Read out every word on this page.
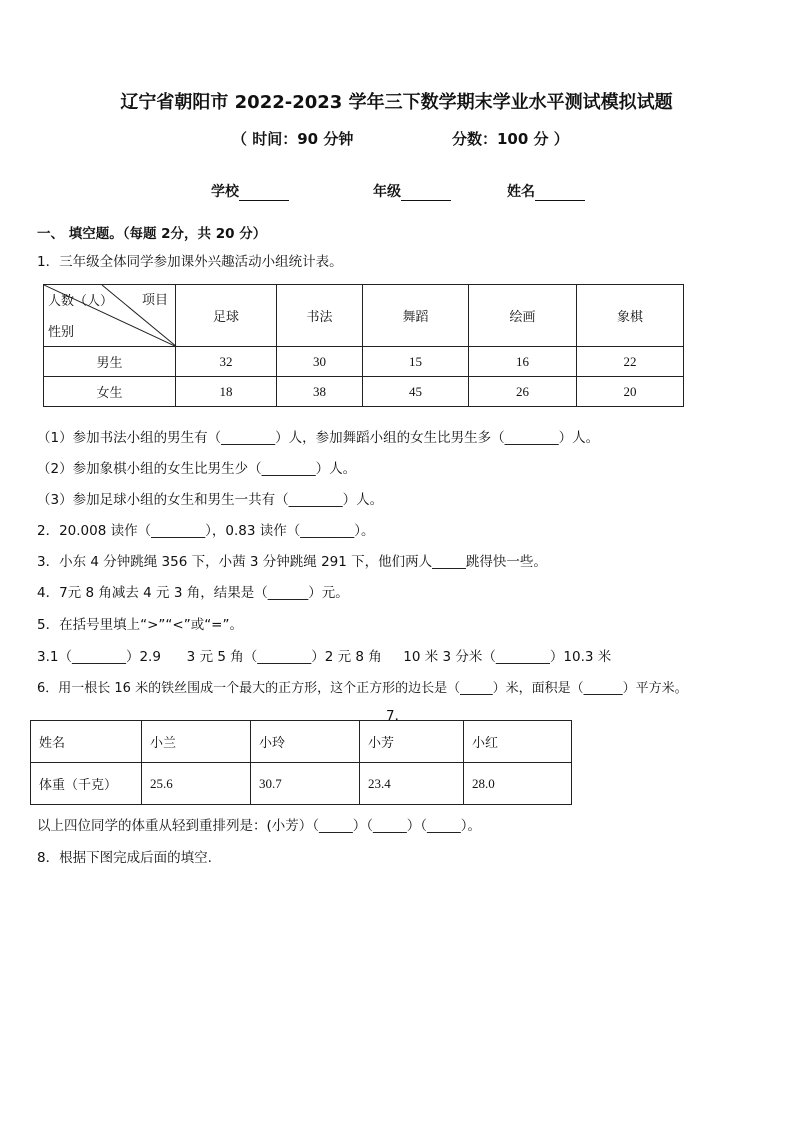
辽宁省朝阳市 2022-2023 学年三下数学期末学业水平测试模拟试题
（ 时间：90 分钟	分数：100 分 ）
学校	年级	姓名
一、 填空题。（每题 2分，共 20 分）
1．三年级全体同学参加课外兴趣活动小组统计表。
项目
人数（人）
性别	足球	书法	舞蹈	绘画	象棋
男生	32	30	15	16	22
女生	18	38	45	26	20
（1）参加书法小组的男生有（________）人，参加舞蹈小组的女生比男生多（________）人。
（2）参加象棋小组的女生比男生少（________）人。
（3）参加足球小组的女生和男生一共有（________）人。
2．20.008 读作（________），0.83 读作（________）。
3．小东 4 分钟跳绳 356 下，小茜 3 分钟跳绳 291 下，他们两人_____跳得快一些。
4．7元 8 角减去 4 元 3 角，结果是（______）元。
5．在括号里填上“>”“<”或“=”。
3.1（________）2.9      3 元 5 角（________）2 元 8 角     10 米 3 分米（________）10.3 米
6．用一根长 16 米的铁丝围成一个最大的正方形，这个正方形的边长是（_____）米，面积是（______）平方米。
7．
姓名	小兰	小玲	小芳	小红
体重（千克）	25.6	30.7	23.4	28.0
以上四位同学的体重从轻到重排列是：(小芳）（_____）（_____）（_____）。
8．根据下图完成后面的填空.
